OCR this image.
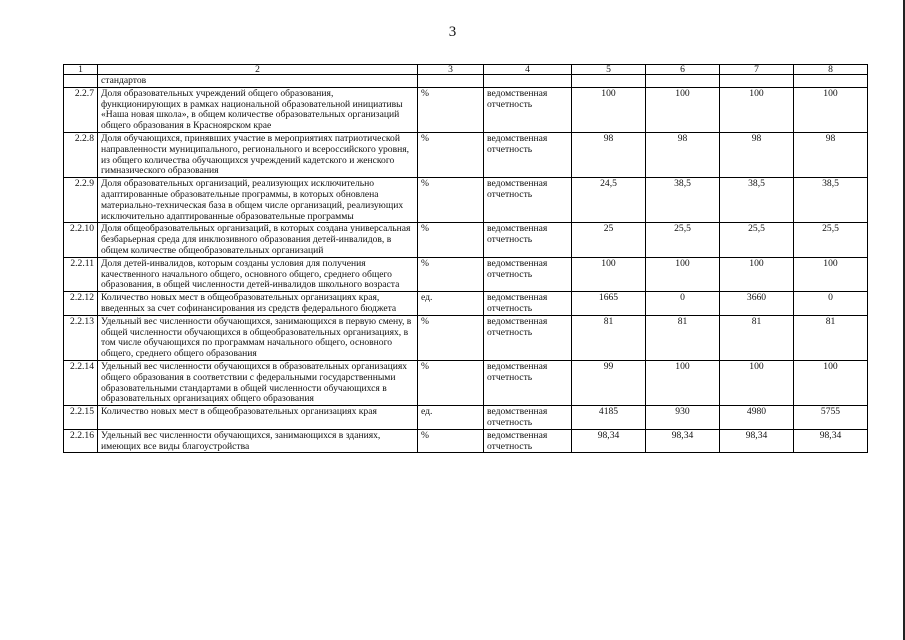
3
1	2	3	4	5	6	7	8
	стандартов						
2.2.7	Доля образовательных учреждений общего образования, функционирующих в рамках национальной образовательной инициативы «Наша новая школа», в общем количестве образовательных организаций общего образования в Красноярском крае	%	ведомственная отчетность	100	100	100	100
2.2.8	Доля обучающихся, принявших участие в мероприятиях патриотической направленности муниципального, регионального и всероссийского уровня, из общего количества обучающихся учреждений кадетского и женского гимназического образования	%	ведомственная отчетность	98	98	98	98
2.2.9	Доля образовательных организаций, реализующих исключительно адаптированные образовательные программы, в которых обновлена материально-техническая база в общем числе организаций, реализующих исключительно адаптированные образовательные программы	%	ведомственная отчетность	24,5	38,5	38,5	38,5
2.2.10	Доля общеобразовательных организаций, в которых создана универсальная безбарьерная среда для инклюзивного образования детей-инвалидов, в общем количестве общеобразовательных организаций	%	ведомственная отчетность	25	25,5	25,5	25,5
2.2.11	Доля детей-инвалидов, которым созданы условия для получения качественного начального общего, основного общего, среднего общего образования, в общей численности детей-инвалидов школьного возраста	%	ведомственная отчетность	100	100	100	100
2.2.12	Количество новых мест в общеобразовательных организациях края, введенных за счет софинансирования из средств федерального бюджета	ед.	ведомственная отчетность	1665	0	3660	0
2.2.13	Удельный вес численности обучающихся, занимающихся в первую смену, в общей численности обучающихся в общеобразовательных организациях, в том числе обучающихся по программам начального общего, основного общего, среднего общего образования	%	ведомственная отчетность	81	81	81	81
2.2.14	Удельный вес численности обучающихся в образовательных организациях общего образования в соответствии с федеральными государственными образовательными стандартами в общей численности обучающихся в образовательных организациях общего образования	%	ведомственная отчетность	99	100	100	100
2.2.15	Количество новых мест в общеобразовательных организациях края	ед.	ведомственная отчетность	4185	930	4980	5755
2.2.16	Удельный вес численности обучающихся, занимающихся в зданиях, имеющих все виды благоустройства	%	ведомственная отчетность	98,34	98,34	98,34	98,34
